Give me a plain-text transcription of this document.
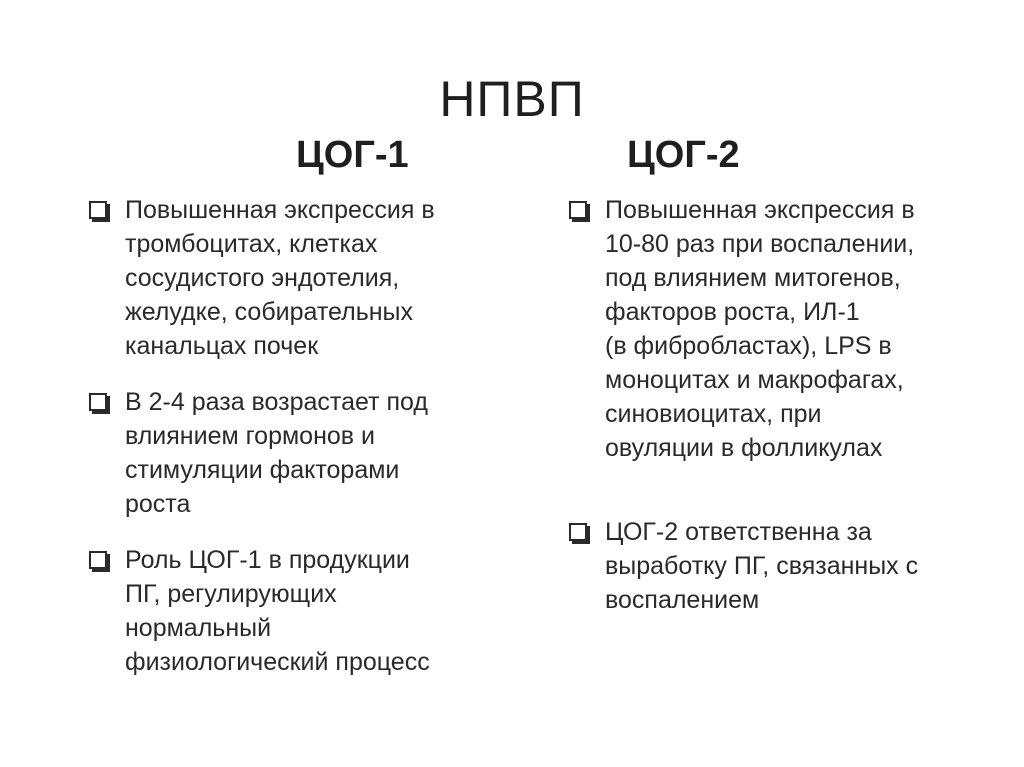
НПВП
ЦОГ-1	ЦОГ-2
Повышенная экспрессия в
тромбоцитах, клетках
сосудистого эндотелия,
желудке, собирательных
канальцах почек
В 2-4 раза возрастает под
влиянием гормонов и
стимуляции факторами
роста
Роль ЦОГ-1 в продукции
ПГ, регулирующих
нормальный
физиологический процесс
Повышенная экспрессия в
10-80 раз при воспалении,
под влиянием митогенов,
факторов роста, ИЛ-1
(в фибробластах), LPS в
моноцитах и макрофагах,
синовиоцитах, при
овуляции в фолликулах
ЦОГ-2 ответственна за
выработку ПГ, связанных с
воспалением
